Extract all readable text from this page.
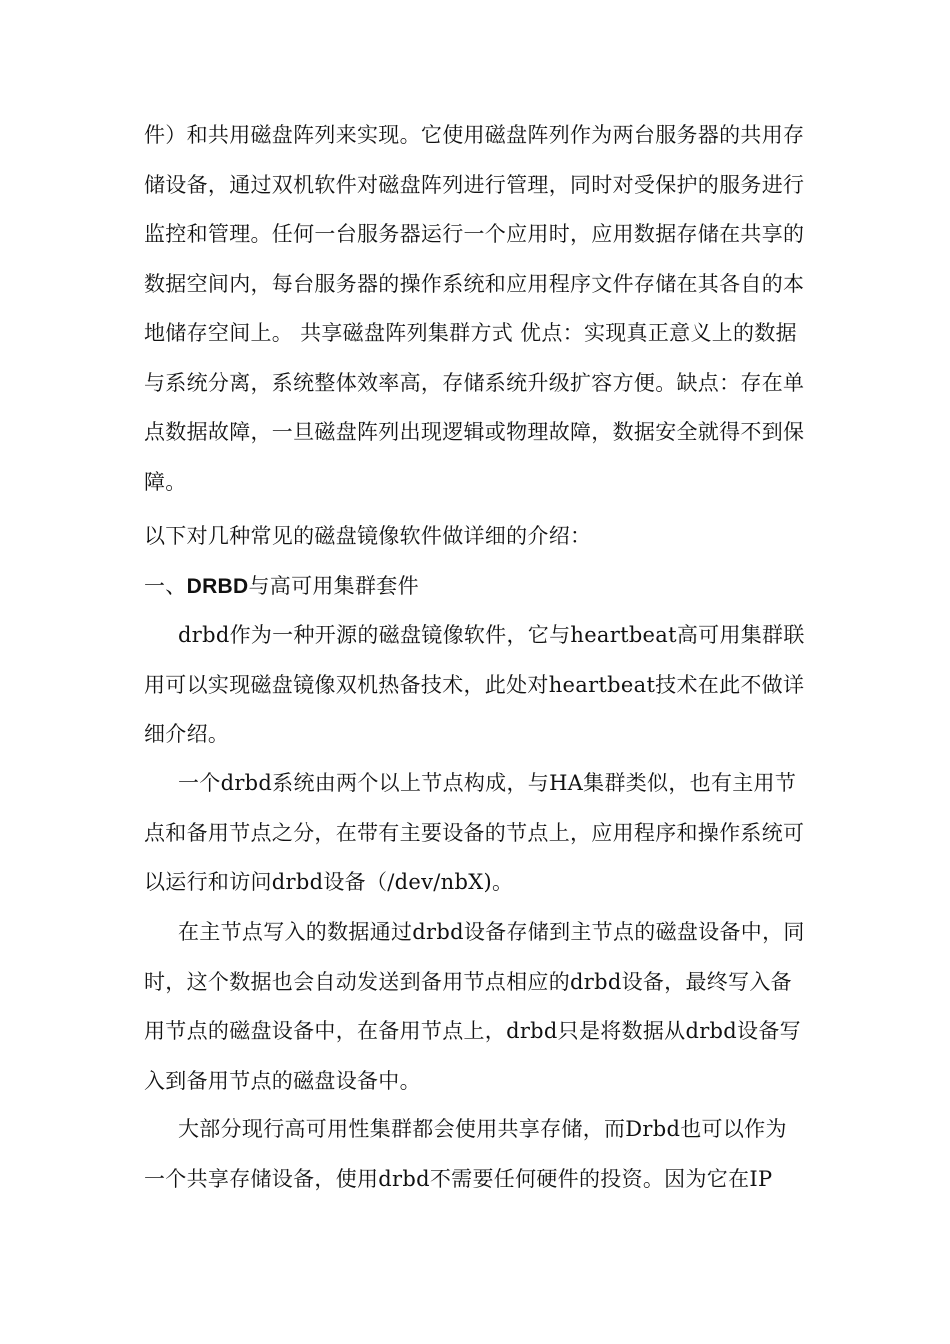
件）和共用磁盘阵列来实现。它使用磁盘阵列作为两台服务器的共用存储设备，通过双机软件对磁盘阵列进行管理，同时对受保护的服务进行监控和管理。任何一台服务器运行一个应用时，应用数据存储在共享的数据空间内，每台服务器的操作系统和应用程序文件存储在其各自的本地储存空间上。 共享磁盘阵列集群方式 优点：实现真正意义上的数据与系统分离，系统整体效率高，存储系统升级扩容方便。缺点：存在单点数据故障，一旦磁盘阵列出现逻辑或物理故障，数据安全就得不到保障。

以下对几种常见的磁盘镜像软件做详细的介绍：

一、DRBD与高可用集群套件

drbd作为一种开源的磁盘镜像软件，它与heartbeat高可用集群联用可以实现磁盘镜像双机热备技术，此处对heartbeat技术在此不做详细介绍。

一个drbd系统由两个以上节点构成，与HA集群类似，也有主用节点和备用节点之分，在带有主要设备的节点上，应用程序和操作系统可以运行和访问drbd设备（/dev/nbX)。

在主节点写入的数据通过drbd设备存储到主节点的磁盘设备中，同时，这个数据也会自动发送到备用节点相应的drbd设备，最终写入备用节点的磁盘设备中，在备用节点上，drbd只是将数据从drbd设备写入到备用节点的磁盘设备中。

大部分现行高可用性集群都会使用共享存储，而Drbd也可以作为一个共享存储设备，使用drbd不需要任何硬件的投资。因为它在IP
